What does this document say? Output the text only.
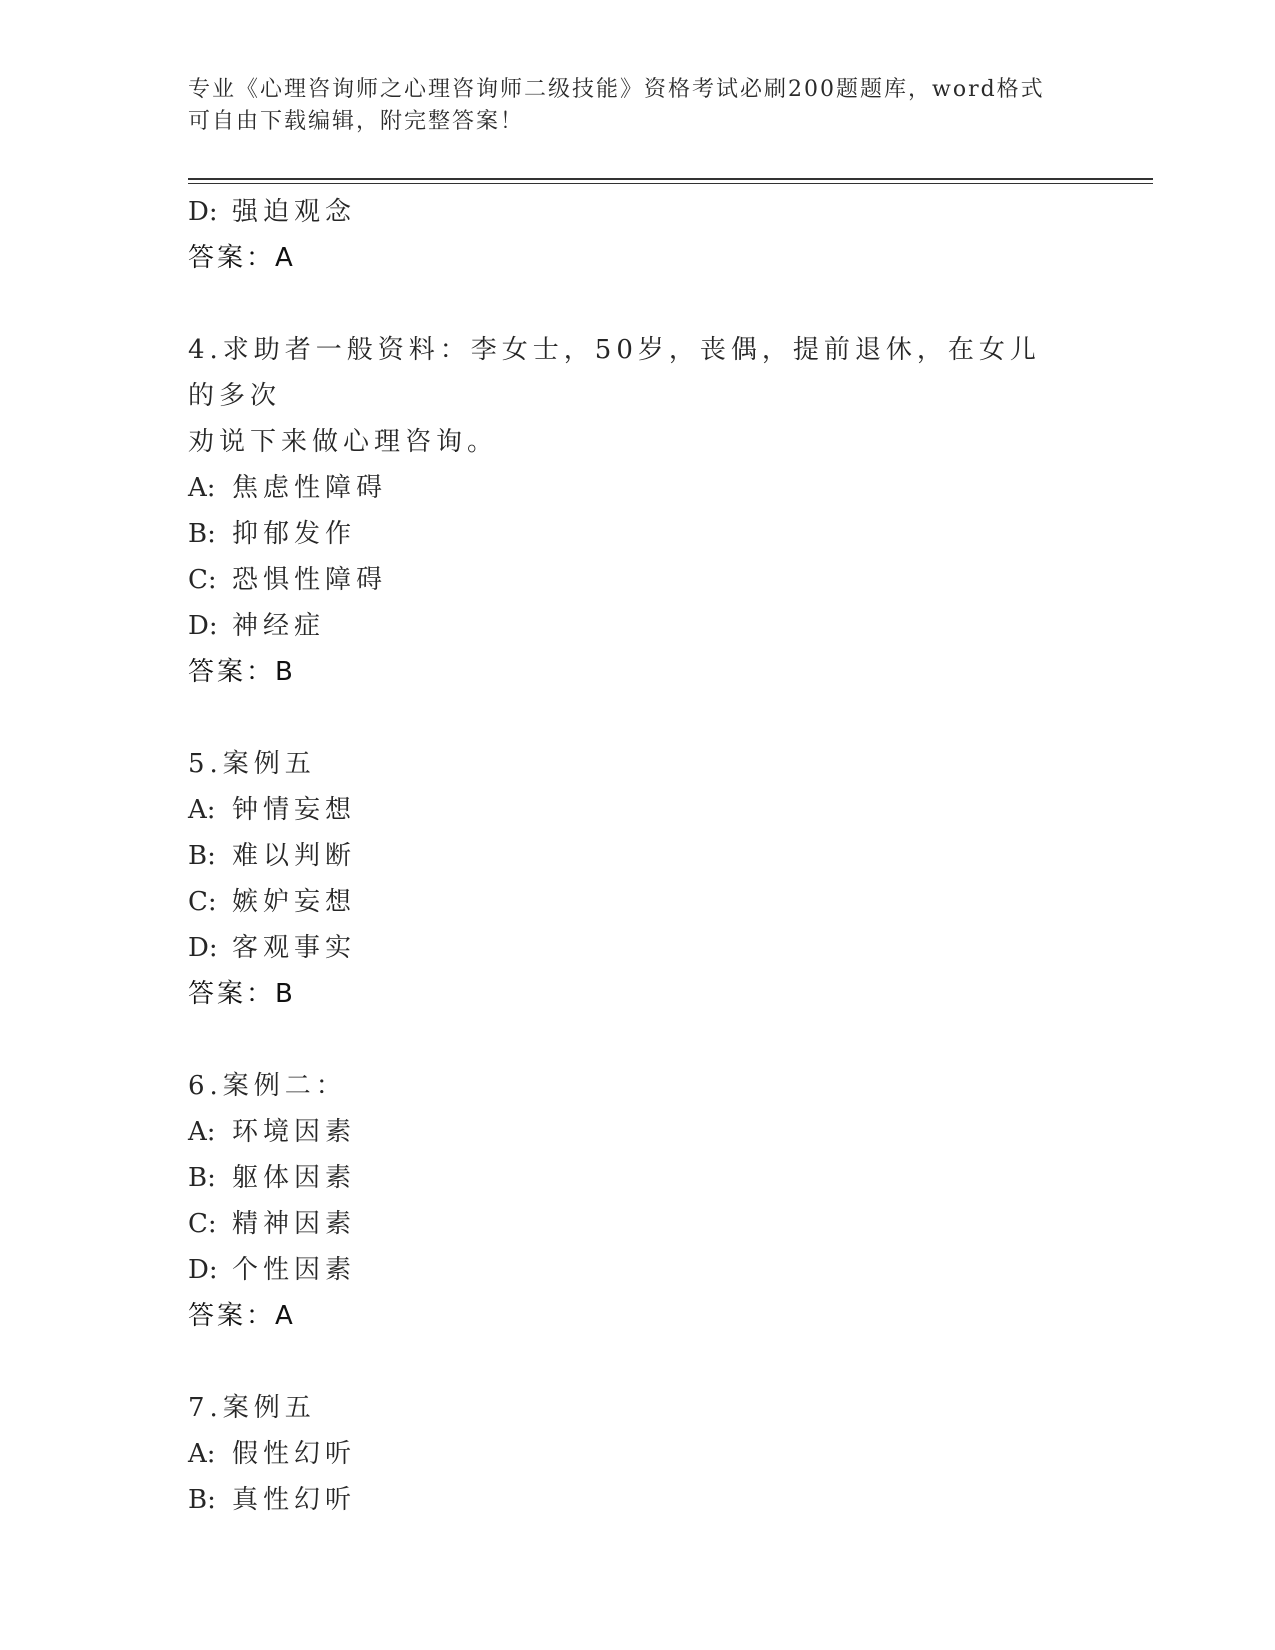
专业《心理咨询师之心理咨询师二级技能》资格考试必刷200题题库，word格式
可自由下载编辑，附完整答案！
D: 强迫观念
答案：A
4.求助者一般资料：李女士，50岁，丧偶，提前退休，在女儿的多次
劝说下来做心理咨询。
A: 焦虑性障碍
B: 抑郁发作
C: 恐惧性障碍
D: 神经症
答案：B
5.案例五
A: 钟情妄想
B: 难以判断
C: 嫉妒妄想
D: 客观事实
答案：B
6.案例二：
A: 环境因素
B: 躯体因素
C: 精神因素
D: 个性因素
答案：A
7.案例五
A: 假性幻听
B: 真性幻听
